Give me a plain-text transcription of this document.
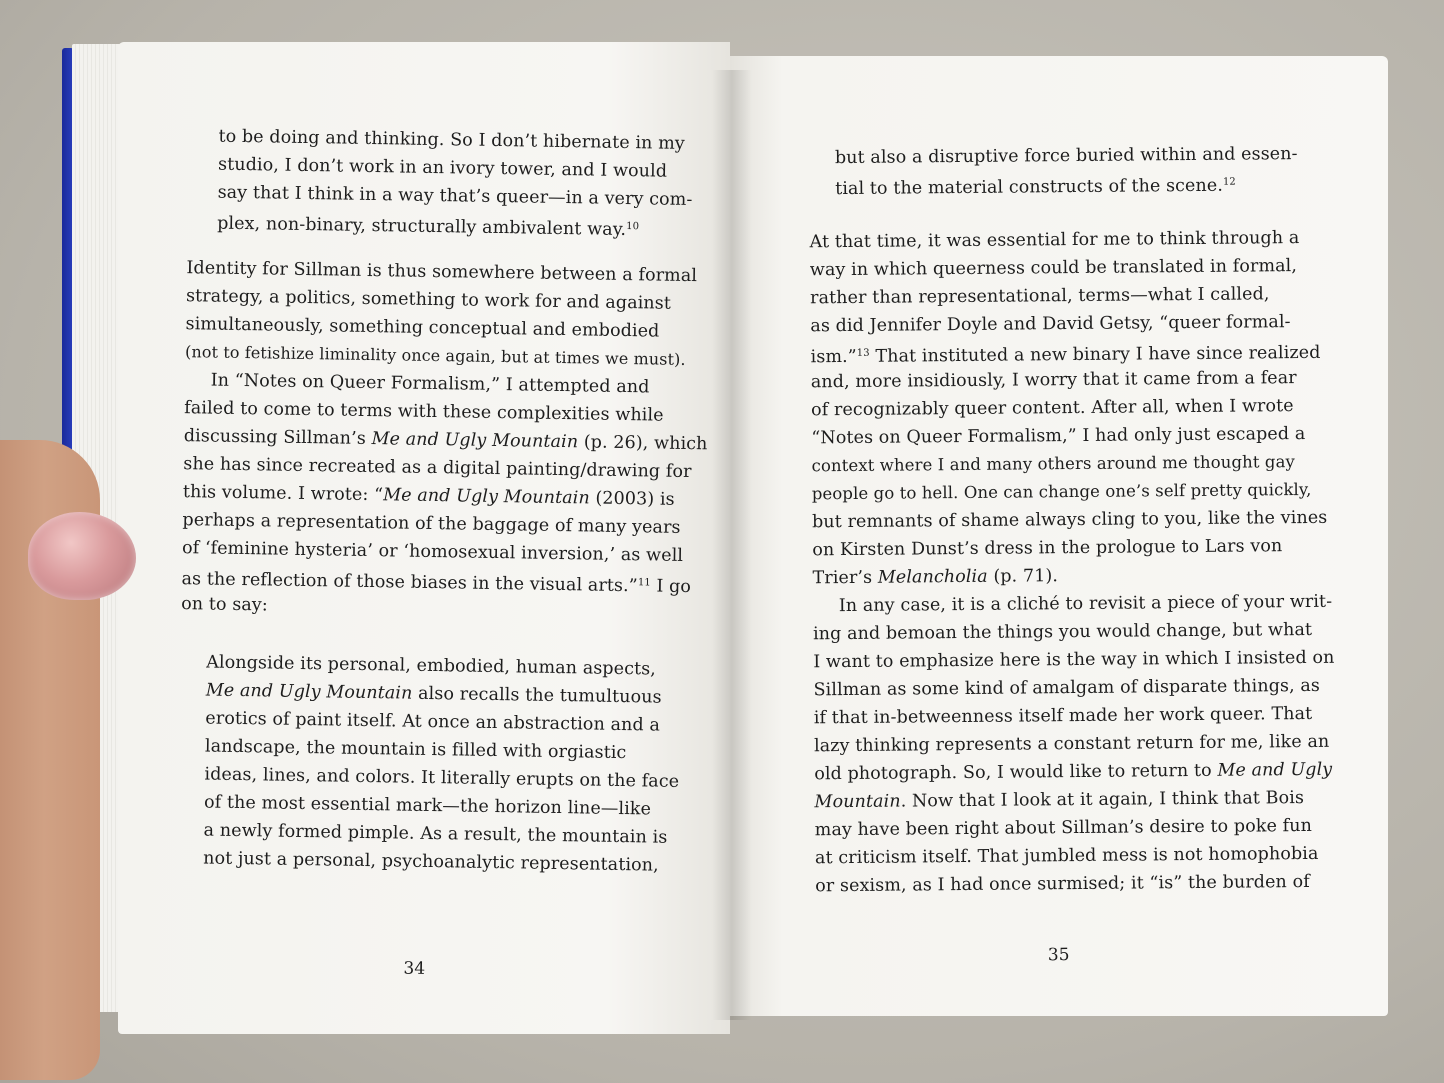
to be doing and thinking. So I don’t hibernate in my
studio, I don’t work in an ivory tower, and I would
say that I think in a way that’s queer—in a very com-
plex, non-binary, structurally ambivalent way.$^{10}$
Identity for Sillman is thus somewhere between a formal
strategy, a politics, something to work for and against
simultaneously, something conceptual and embodied
(not to fetishize liminality once again, but at times we must).
In “Notes on Queer Formalism,” I attempted and
failed to come to terms with these complexities while
discussing Sillman’s Me and Ugly Mountain (p. 26), which
she has since recreated as a digital painting/drawing for
this volume. I wrote: “Me and Ugly Mountain (2003) is
perhaps a representation of the baggage of many years
of ‘feminine hysteria’ or ‘homosexual inversion,’ as well
as the reflection of those biases in the visual arts.”$^{11}$ I go
on to say:
Alongside its personal, embodied, human aspects,
Me and Ugly Mountain also recalls the tumultuous
erotics of paint itself. At once an abstraction and a
landscape, the mountain is filled with orgiastic
ideas, lines, and colors. It literally erupts on the face
of the most essential mark—the horizon line—like
a newly formed pimple. As a result, the mountain is
not just a personal, psychoanalytic representation,
34
but also a disruptive force buried within and essen-
tial to the material constructs of the scene.$^{12}$
At that time, it was essential for me to think through a
way in which queerness could be translated in formal,
rather than representational, terms—what I called,
as did Jennifer Doyle and David Getsy, “queer formal-
ism.”$^{13}$ That instituted a new binary I have since realized
and, more insidiously, I worry that it came from a fear
of recognizably queer content. After all, when I wrote
“Notes on Queer Formalism,” I had only just escaped a
context where I and many others around me thought gay
people go to hell. One can change one’s self pretty quickly,
but remnants of shame always cling to you, like the vines
on Kirsten Dunst’s dress in the prologue to Lars von
Trier’s Melancholia (p. 71).
In any case, it is a cliché to revisit a piece of your writ-
ing and bemoan the things you would change, but what
I want to emphasize here is the way in which I insisted on
Sillman as some kind of amalgam of disparate things, as
if that in-betweenness itself made her work queer. That
lazy thinking represents a constant return for me, like an
old photograph. So, I would like to return to Me and Ugly
Mountain. Now that I look at it again, I think that Bois
may have been right about Sillman’s desire to poke fun
at criticism itself. That jumbled mess is not homophobia
or sexism, as I had once surmised; it “is” the burden of
35
